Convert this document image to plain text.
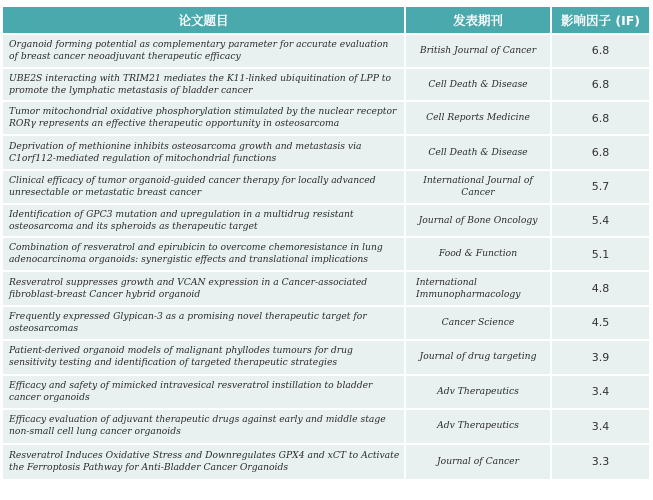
论文题目	发表期刊	影响因子 (IF)
Organoid forming potential as complementary parameter for accurate evaluation of breast cancer neoadjuvant therapeutic efficacy	British Journal of Cancer	6.8
UBE2S interacting with TRIM21 mediates the K11-linked ubiquitination of LPP to promote the lymphatic metastasis of bladder cancer	Cell Death & Disease	6.8
Tumor mitochondrial oxidative phosphorylation stimulated by the nuclear receptor RORγ represents an effective therapeutic opportunity in osteosarcoma	Cell Reports Medicine	6.8
Deprivation of methionine inhibits osteosarcoma growth and metastasis via C1orf112-mediated regulation of mitochondrial functions	Cell Death & Disease	6.8
Clinical efficacy of tumor organoid-guided cancer therapy for locally advanced unresectable or metastatic breast cancer	International Journal of Cancer	5.7
Identification of GPC3 mutation and upregulation in a multidrug resistant osteosarcoma and its spheroids as therapeutic target	Journal of Bone Oncology	5.4
Combination of resveratrol and epirubicin to overcome chemoresistance in lung adenocarcinoma organoids: synergistic effects and translational implications	Food & Function	5.1
Resveratrol suppresses growth and VCAN expression in a Cancer-associated fibroblast-breast Cancer hybrid organoid	International Immunopharmacology	4.8
Frequently expressed Glypican-3 as a promising novel therapeutic target for osteosarcomas	Cancer Science	4.5
Patient-derived organoid models of malignant phyllodes tumours for drug sensitivity testing and identification of targeted therapeutic strategies	Journal of drug targeting	3.9
Efficacy and safety of mimicked intravesical resveratrol instillation to bladder cancer organoids	Adv Therapeutics	3.4
Efficacy evaluation of adjuvant therapeutic drugs against early and middle stage non-small cell lung cancer organoids	Adv Therapeutics	3.4
Resveratrol Induces Oxidative Stress and Downregulates GPX4 and xCT to Activate the Ferroptosis Pathway for Anti-Bladder Cancer Organoids	Journal of Cancer	3.3
